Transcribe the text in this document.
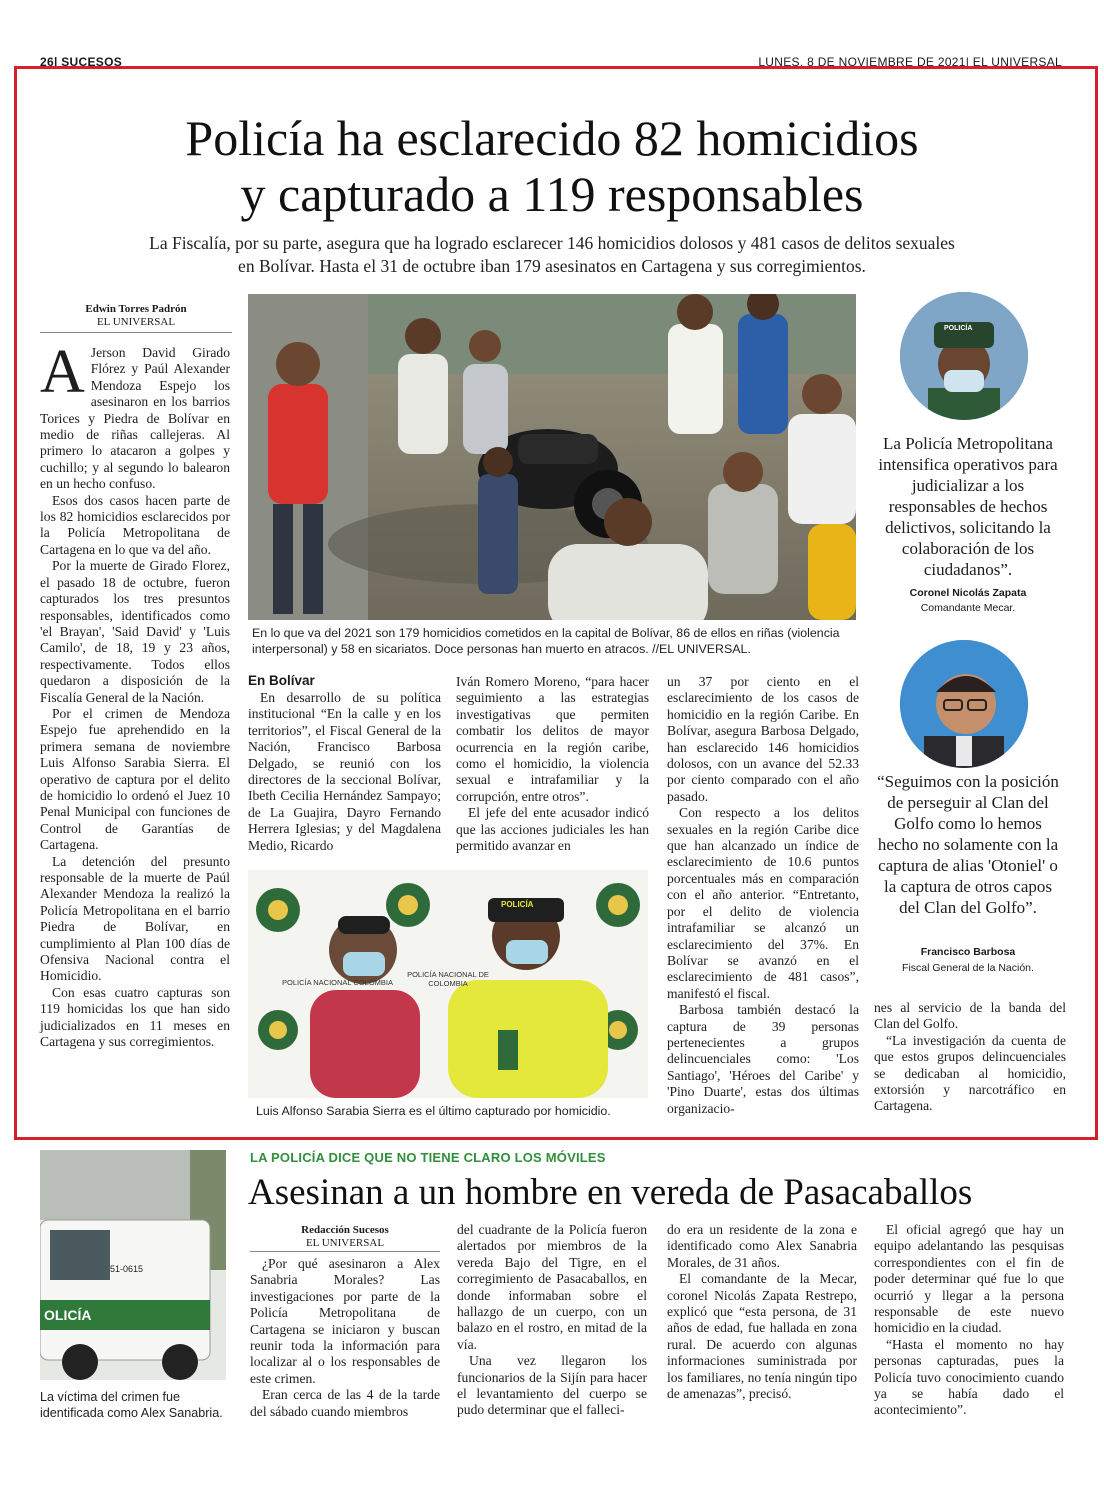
26| SUCESOS	LUNES, 8 DE NOVIEMBRE DE 2021| EL UNIVERSAL
Policía ha esclarecido 82 homicidios
y capturado a 119 responsables
La Fiscalía, por su parte, asegura que ha logrado esclarecer 146 homicidios dolosos y 481 casos de delitos sexuales
en Bolívar. Hasta el 31 de octubre iban 179 asesinatos en Cartagena y sus corregimientos.
Edwin Torres Padrón
EL UNIVERSAL
A Jerson David Girado Flórez y Paúl Alexander Mendoza Espejo los asesinaron en los barrios Torices y Piedra de Bolívar en medio de riñas callejeras. Al primero lo atacaron a golpes y cuchillo; y al segundo lo balearon en un hecho confuso.

Esos dos casos hacen parte de los 82 homicidios esclarecidos por la Policía Metropolitana de Cartagena en lo que va del año.

Por la muerte de Girado Florez, el pasado 18 de octubre, fueron capturados los tres presuntos responsables, identificados como 'el Brayan', 'Said David' y 'Luis Camilo', de 18, 19 y 23 años, respectivamente. Todos ellos quedaron a disposición de la Fiscalía General de la Nación.

Por el crimen de Mendoza Espejo fue aprehendido en la primera semana de noviembre Luis Alfonso Sarabia Sierra. El operativo de captura por el delito de homicidio lo ordenó el Juez 10 Penal Municipal con funciones de Control de Garantías de Cartagena.

La detención del presunto responsable de la muerte de Paúl Alexander Mendoza la realizó la Policía Metropolitana en el barrio Piedra de Bolívar, en cumplimiento al Plan 100 días de Ofensiva Nacional contra el Homicidio.

Con esas cuatro capturas son 119 homicidas los que han sido judicializados en 11 meses en Cartagena y sus corregimientos.

En lo que va del 2021 son 179 homicidios cometidos en la capital de Bolívar, 86 de ellos en riñas (violencia interpersonal) y 58 en sicariatos. Doce personas han muerto en atracos. //EL UNIVERSAL.
En Bolívar

En desarrollo de su política institucional “En la calle y en los territorios”, el Fiscal General de la Nación, Francisco Barbosa Delgado, se reunió con los directores de la seccional Bolívar, Ibeth Cecilia Hernández Sampayo; de La Guajira, Dayro Fernando Herrera Iglesias; y del Magdalena Medio, Ricardo

Iván Romero Moreno, “para hacer seguimiento a las estrategias investigativas que permiten combatir los delitos de mayor ocurrencia en la región caribe, como el homicidio, la violencia sexual e intrafamiliar y la corrupción, entre otros”.

El jefe del ente acusador indicó que las acciones judiciales les han permitido avanzar en

un 37 por ciento en el esclarecimiento de los casos de homicidio en la región Caribe. En Bolívar, asegura Barbosa Delgado, han esclarecido 146 homicidios dolosos, con un avance del 52.33 por ciento comparado con el año pasado.

Con respecto a los delitos sexuales en la región Caribe dice que han alcanzado un índice de esclarecimiento de 10.6 puntos porcentuales más en comparación con el año anterior. “Entretanto, por el delito de violencia intrafamiliar se alcanzó un esclarecimiento del 37%. En Bolívar se avanzó en el esclarecimiento de 481 casos”, manifestó el fiscal.

Barbosa también destacó la captura de 39 personas pertenecientes a grupos delincuenciales como: 'Los Santiago', 'Héroes del Caribe' y 'Pino Duarte', estas dos últimas organizacio-

POLICÍA NACIONAL COLOMBIA
POLICÍA NACIONAL DE COLOMBIA
POLICÍA
Luis Alfonso Sarabia Sierra es el último capturado por homicidio.
POLICÍA
La Policía Metropolitana intensifica operativos para judicializar a los responsables de hechos delictivos, solicitando la colaboración de los ciudadanos”.
Coronel Nicolás Zapata
Comandante Mecar.
“Seguimos con la posición de perseguir al Clan del Golfo como lo hemos hecho no solamente con la captura de alias 'Otoniel' o la captura de otros capos del Clan del Golfo”.
Francisco Barbosa
Fiscal General de la Nación.

nes al servicio de la banda del Clan del Golfo.

“La investigación da cuenta de que estos grupos delincuenciales se dedicaban al homicidio, extorsión y narcotráfico en Cartagena.

51-0615
OLICÍA
La víctima del crimen fue identificada como Alex Sanabria.
LA POLICÍA DICE QUE NO TIENE CLARO LOS MÓVILES
Asesinan a un hombre en vereda de Pasacaballos
Redacción Sucesos
EL UNIVERSAL

¿Por qué asesinaron a Alex Sanabria Morales? Las investigaciones por parte de la Policía Metropolitana de Cartagena se iniciaron y buscan reunir toda la información para localizar al o los responsables de este crimen.

Eran cerca de las 4 de la tarde del sábado cuando miembros

del cuadrante de la Policía fueron alertados por miembros de la vereda Bajo del Tigre, en el corregimiento de Pasacaballos, en donde informaban sobre el hallazgo de un cuerpo, con un balazo en el rostro, en mitad de la vía.

Una vez llegaron los funcionarios de la Sijín para hacer el levantamiento del cuerpo se pudo determinar que el falleci-

do era un residente de la zona e identificado como Alex Sanabria Morales, de 31 años.

El comandante de la Mecar, coronel Nicolás Zapata Restrepo, explicó que “esta persona, de 31 años de edad, fue hallada en zona rural. De acuerdo con algunas informaciones suministrada por los familiares, no tenía ningún tipo de amenazas”, precisó.

El oficial agregó que hay un equipo adelantando las pesquisas correspondientes con el fin de poder determinar qué fue lo que ocurrió y llegar a la persona responsable de este nuevo homicidio en la ciudad.

“Hasta el momento no hay personas capturadas, pues la Policía tuvo conocimiento cuando ya se había dado el acontecimiento”.
